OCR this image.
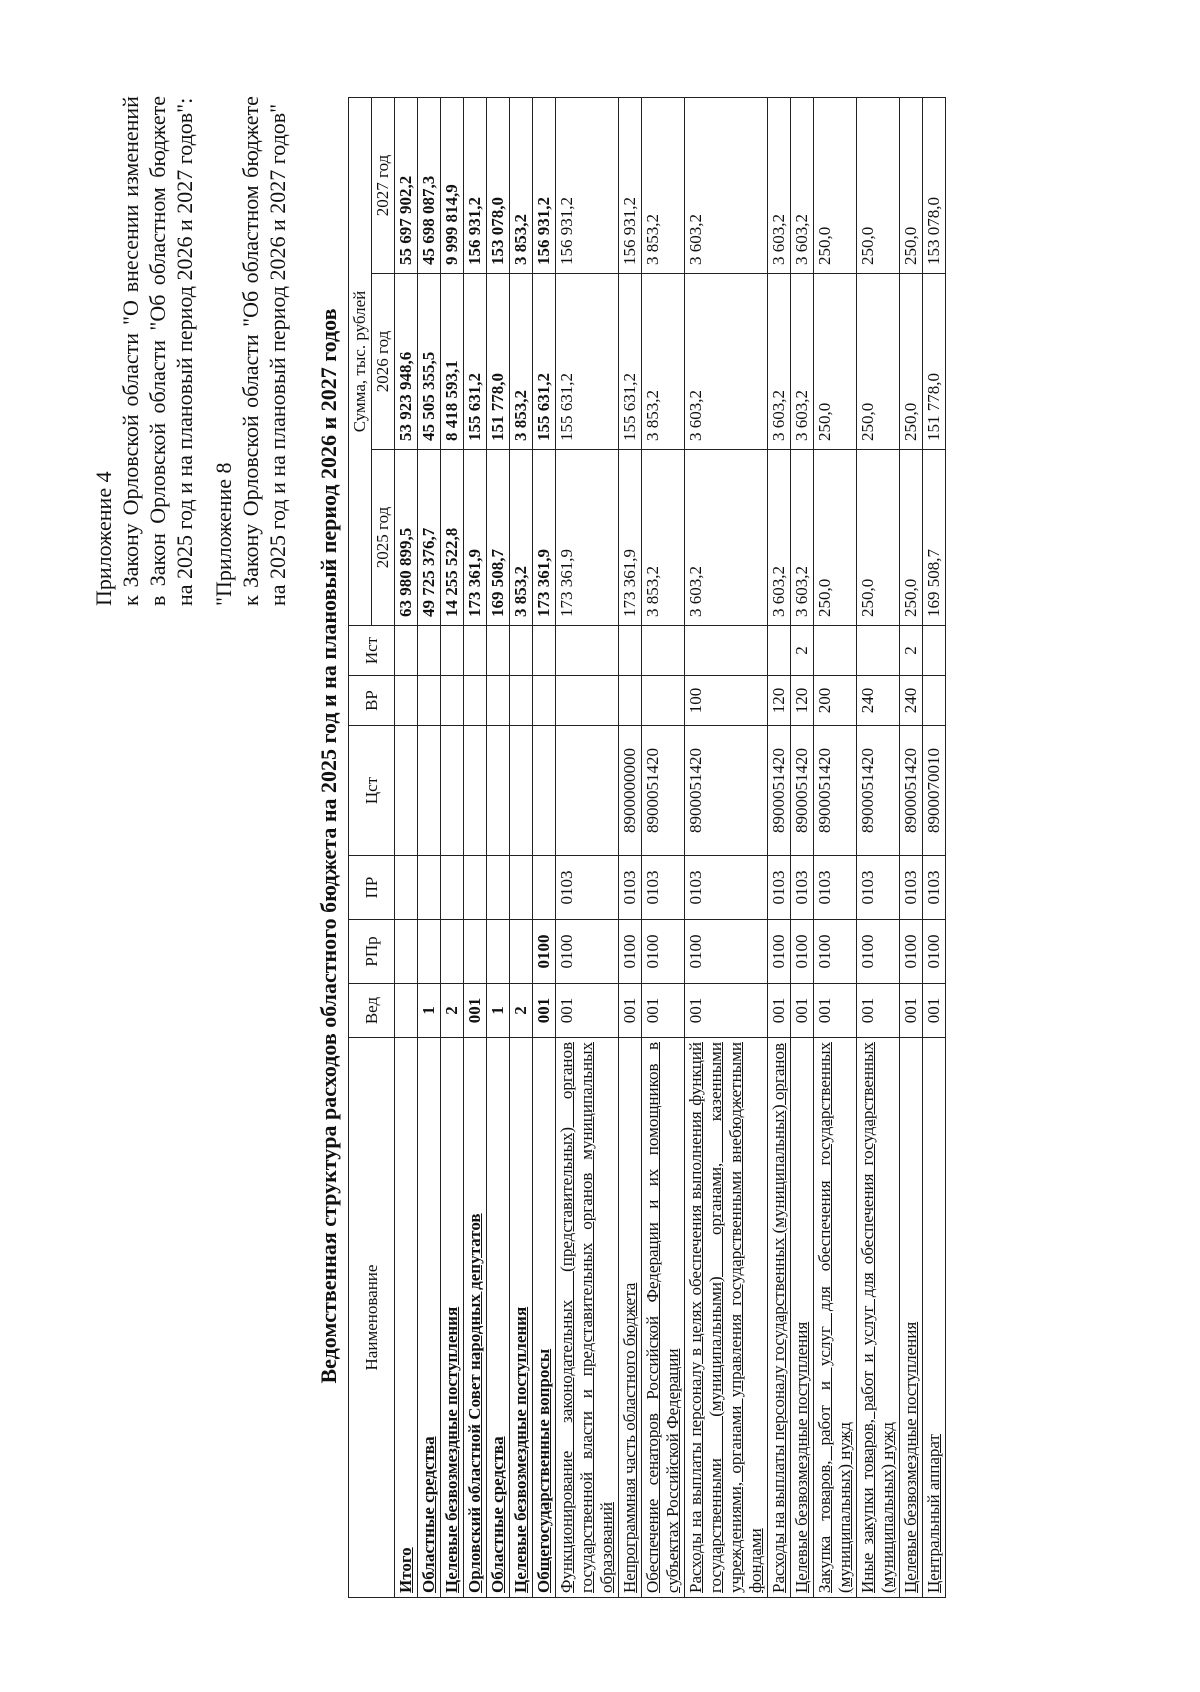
Приложение 4 к
Закону
Орловской
области
"О
внесении
изменений
в
Закон
Орловской
области
"Об
областном
бюджете на 2025 год и на плановый период 2026 и 2027 годов": "Приложение 8 к
Закону
Орловской
области
"Об
областном
бюджете на 2025 год и на плановый период 2026 и 2027 годов" Ведомственная структура расходов областного бюджета на 2025 год и на плановый период 2026 и 2027 годов Наименование	Вед	РПр	ПР	Цст	ВР	Ист	Сумма, тыс. рублей		
							2025 год	2026 год	2027 год
Итого							63 980 899,5	53 923 948,6	55 697 902,2
Областные средства	1						49 725 376,7	45 505 355,5	45 698 087,3
Целевые безвозмездные поступления	2						14 255 522,8	8 418 593,1	9 999 814,9
Орловский областной Совет народных депутатов	001						173 361,9	155 631,2	156 931,2
Областные средства	1						169 508,7	151 778,0	153 078,0
Целевые безвозмездные поступления	2						3 853,2	3 853,2	3 853,2
Общегосударственные вопросы	001	0100					173 361,9	155 631,2	156 931,2
Функционирование законодательных (представительных) органов государственной власти и представительных органов муниципальных образований	001	0100	0103				173 361,9	155 631,2	156 931,2
Непрограммная часть областного бюджета	001	0100	0103	8900000000			173 361,9	155 631,2	156 931,2
Обеспечение сенаторов Российской Федерации и их помощников в субъектах Российской Федерации	001	0100	0103	8900051420			3 853,2	3 853,2	3 853,2
Расходы на выплаты персоналу в целях обеспечения выполнения функций государственными (муниципальными) органами, казенными учреждениями, органами управления государственными внебюджетными фондами	001	0100	0103	8900051420	100		3 603,2	3 603,2	3 603,2
Расходы на выплаты персоналу государственных (муниципальных) органов	001	0100	0103	8900051420	120		3 603,2	3 603,2	3 603,2
Целевые безвозмездные поступления	001	0100	0103	8900051420	120	2	3 603,2	3 603,2	3 603,2
Закупка товаров, работ и услуг для обеспечения государственных (муниципальных) нужд	001	0100	0103	8900051420	200		250,0	250,0	250,0
Иные закупки товаров, работ и услуг для обеспечения государственных (муниципальных) нужд	001	0100	0103	8900051420	240		250,0	250,0	250,0
Целевые безвозмездные поступления	001	0100	0103	8900051420	240	2	250,0	250,0	250,0
Центральный аппарат	001	0100	0103	8900070010			169 508,7	151 778,0	153 078,0
